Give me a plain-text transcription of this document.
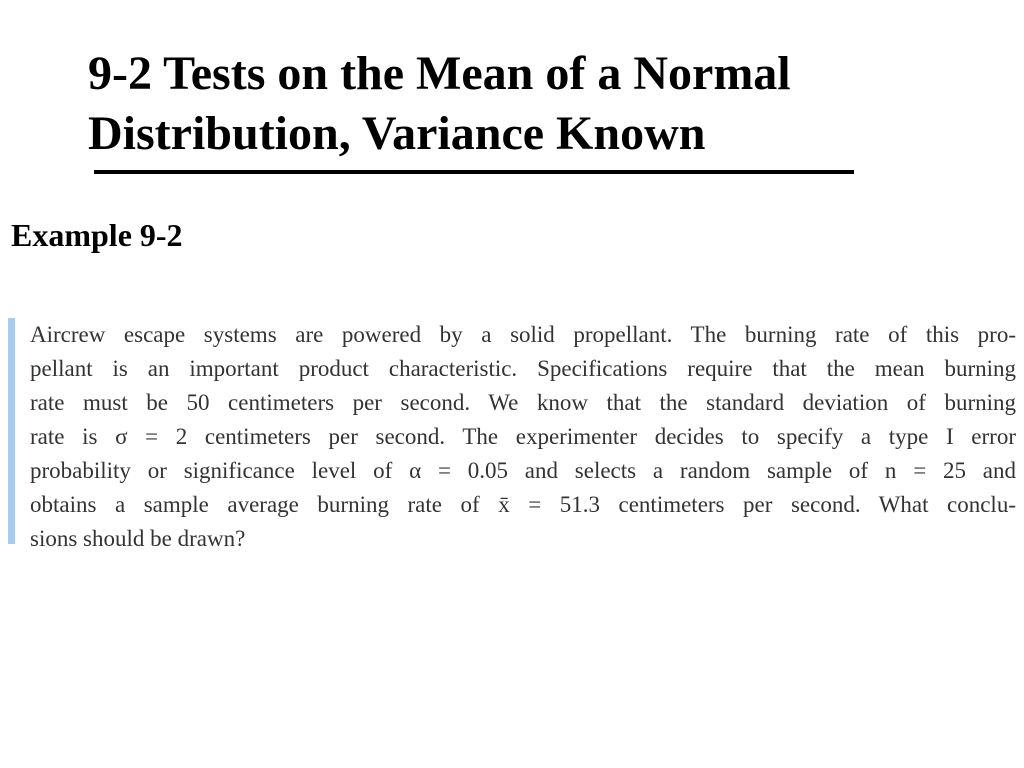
9-2 Tests on the Mean of a Normal
Distribution, Variance Known
Example 9-2

Aircrew escape systems are powered by a solid propellant. The burning rate of this pro-
pellant is an important product characteristic. Specifications require that the mean burning
rate must be 50 centimeters per second. We know that the standard deviation of burning
rate is σ = 2 centimeters per second. The experimenter decides to specify a type I error
probability or significance level of α = 0.05 and selects a random sample of n = 25 and
obtains a sample average burning rate of x̄ = 51.3 centimeters per second. What conclu-
sions should be drawn?
